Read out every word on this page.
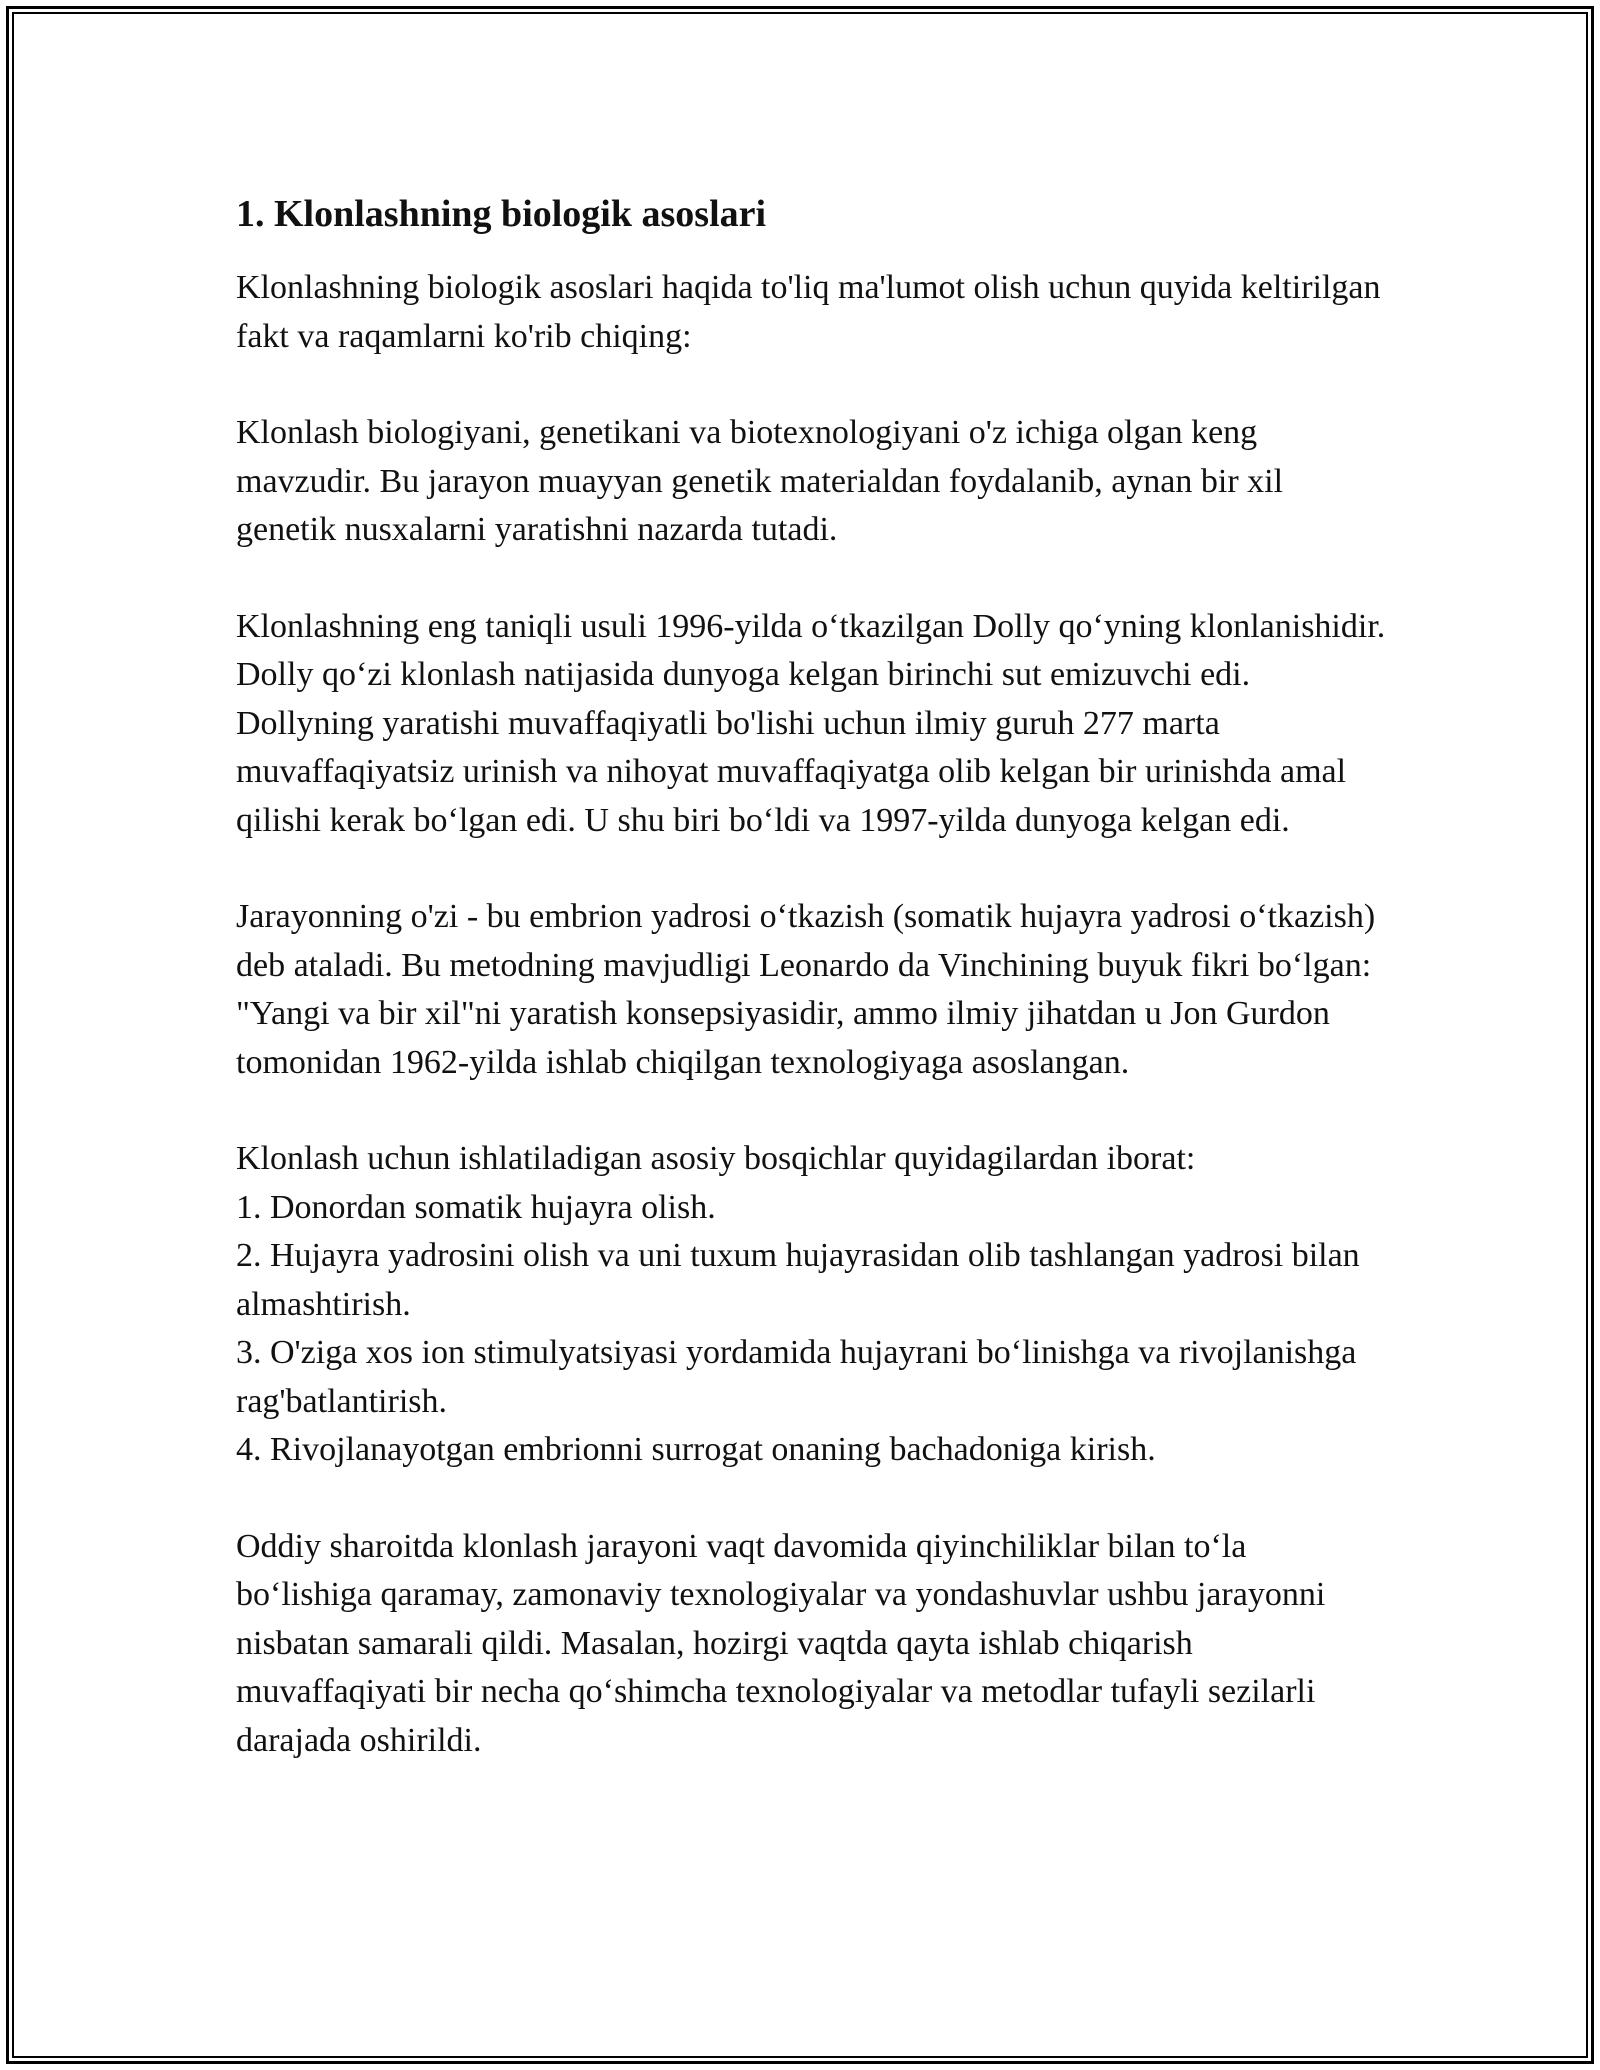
1. Klonlashning biologik asoslari

Klonlashning biologik asoslari haqida to'liq ma'lumot olish uchun quyida keltirilgan fakt va raqamlarni ko'rib chiqing:

Klonlash biologiyani, genetikani va biotexnologiyani o'z ichiga olgan keng mavzudir. Bu jarayon muayyan genetik materialdan foydalanib, aynan bir xil genetik nusxalarni yaratishni nazarda tutadi.

Klonlashning eng taniqli usuli 1996-yilda o‘tkazilgan Dolly qo‘yning klonlanishidir. Dolly qo‘zi klonlash natijasida dunyoga kelgan birinchi sut emizuvchi edi. Dollyning yaratishi muvaffaqiyatli bo'lishi uchun ilmiy guruh 277 marta muvaffaqiyatsiz urinish va nihoyat muvaffaqiyatga olib kelgan bir urinishda amal qilishi kerak bo‘lgan edi. U shu biri bo‘ldi va 1997-yilda dunyoga kelgan edi.

Jarayonning o'zi - bu embrion yadrosi o‘tkazish (somatik hujayra yadrosi o‘tkazish) deb ataladi. Bu metodning mavjudligi Leonardo da Vinchining buyuk fikri bo‘lgan: "Yangi va bir xil"ni yaratish konsepsiyasidir, ammo ilmiy jihatdan u Jon Gurdon tomonidan 1962-yilda ishlab chiqilgan texnologiyaga asoslangan.

Klonlash uchun ishlatiladigan asosiy bosqichlar quyidagilardan iborat:
1. Donordan somatik hujayra olish.
2. Hujayra yadrosini olish va uni tuxum hujayrasidan olib tashlangan yadrosi bilan almashtirish.
3. O'ziga xos ion stimulyatsiyasi yordamida hujayrani bo‘linishga va rivojlanishga rag'batlantirish.
4. Rivojlanayotgan embrionni surrogat onaning bachadoniga kirish.

Oddiy sharoitda klonlash jarayoni vaqt davomida qiyinchiliklar bilan to‘la bo‘lishiga qaramay, zamonaviy texnologiyalar va yondashuvlar ushbu jarayonni nisbatan samarali qildi. Masalan, hozirgi vaqtda qayta ishlab chiqarish muvaffaqiyati bir necha qo‘shimcha texnologiyalar va metodlar tufayli sezilarli darajada oshirildi.
